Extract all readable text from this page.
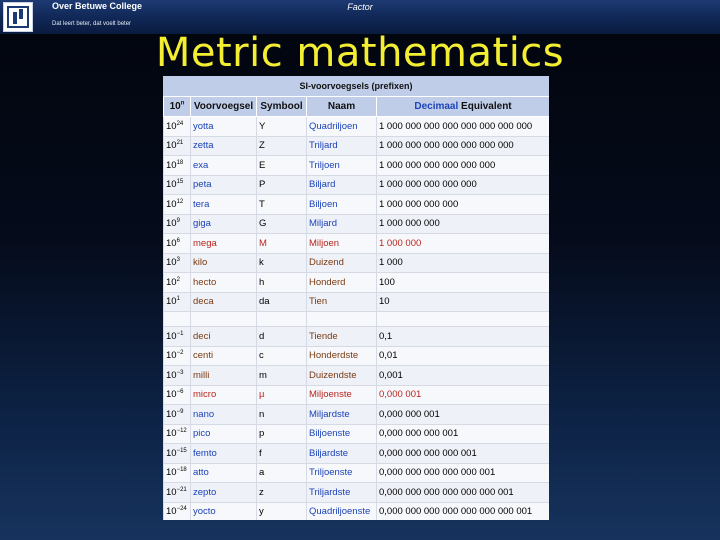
Over Betuwe College
Dat leert beter, dat voelt beter
Factor
Metric mathematics
SI-voorvoegsels (prefixen)
10$^n$	Voorvoegsel	Symbool	Naam	Decimaal Equivalent
$10^{24}$	yotta	Y	Quadriljoen	1 000 000 000 000 000 000 000 000
$10^{21}$	zetta	Z	Triljard	1 000 000 000 000 000 000 000
$10^{18}$	exa	E	Triljoen	1 000 000 000 000 000 000
$10^{15}$	peta	P	Biljard	1 000 000 000 000 000
$10^{12}$	tera	T	Biljoen	1 000 000 000 000
$10^9$	giga	G	Miljard	1 000 000 000
$10^6$	mega	M	Miljoen	1 000 000
$10^3$	kilo	k	Duizend	1 000
$10^2$	hecto	h	Honderd	100
$10^1$	deca	da	Tien	10

$10^{-1}$	deci	d	Tiende	0,1
$10^{-2}$	centi	c	Honderdste	0,01
$10^{-3}$	milli	m	Duizendste	0,001
$10^{-6}$	micro	µ	Miljoenste	0,000 001
$10^{-9}$	nano	n	Miljardste	0,000 000 001
$10^{-12}$	pico	p	Biljoenste	0,000 000 000 001
$10^{-15}$	femto	f	Biljardste	0,000 000 000 000 001
$10^{-18}$	atto	a	Triljoenste	0,000 000 000 000 000 001
$10^{-21}$	zepto	z	Triljardste	0,000 000 000 000 000 000 001
$10^{-24}$	yocto	y	Quadriljoenste	0,000 000 000 000 000 000 000 001
